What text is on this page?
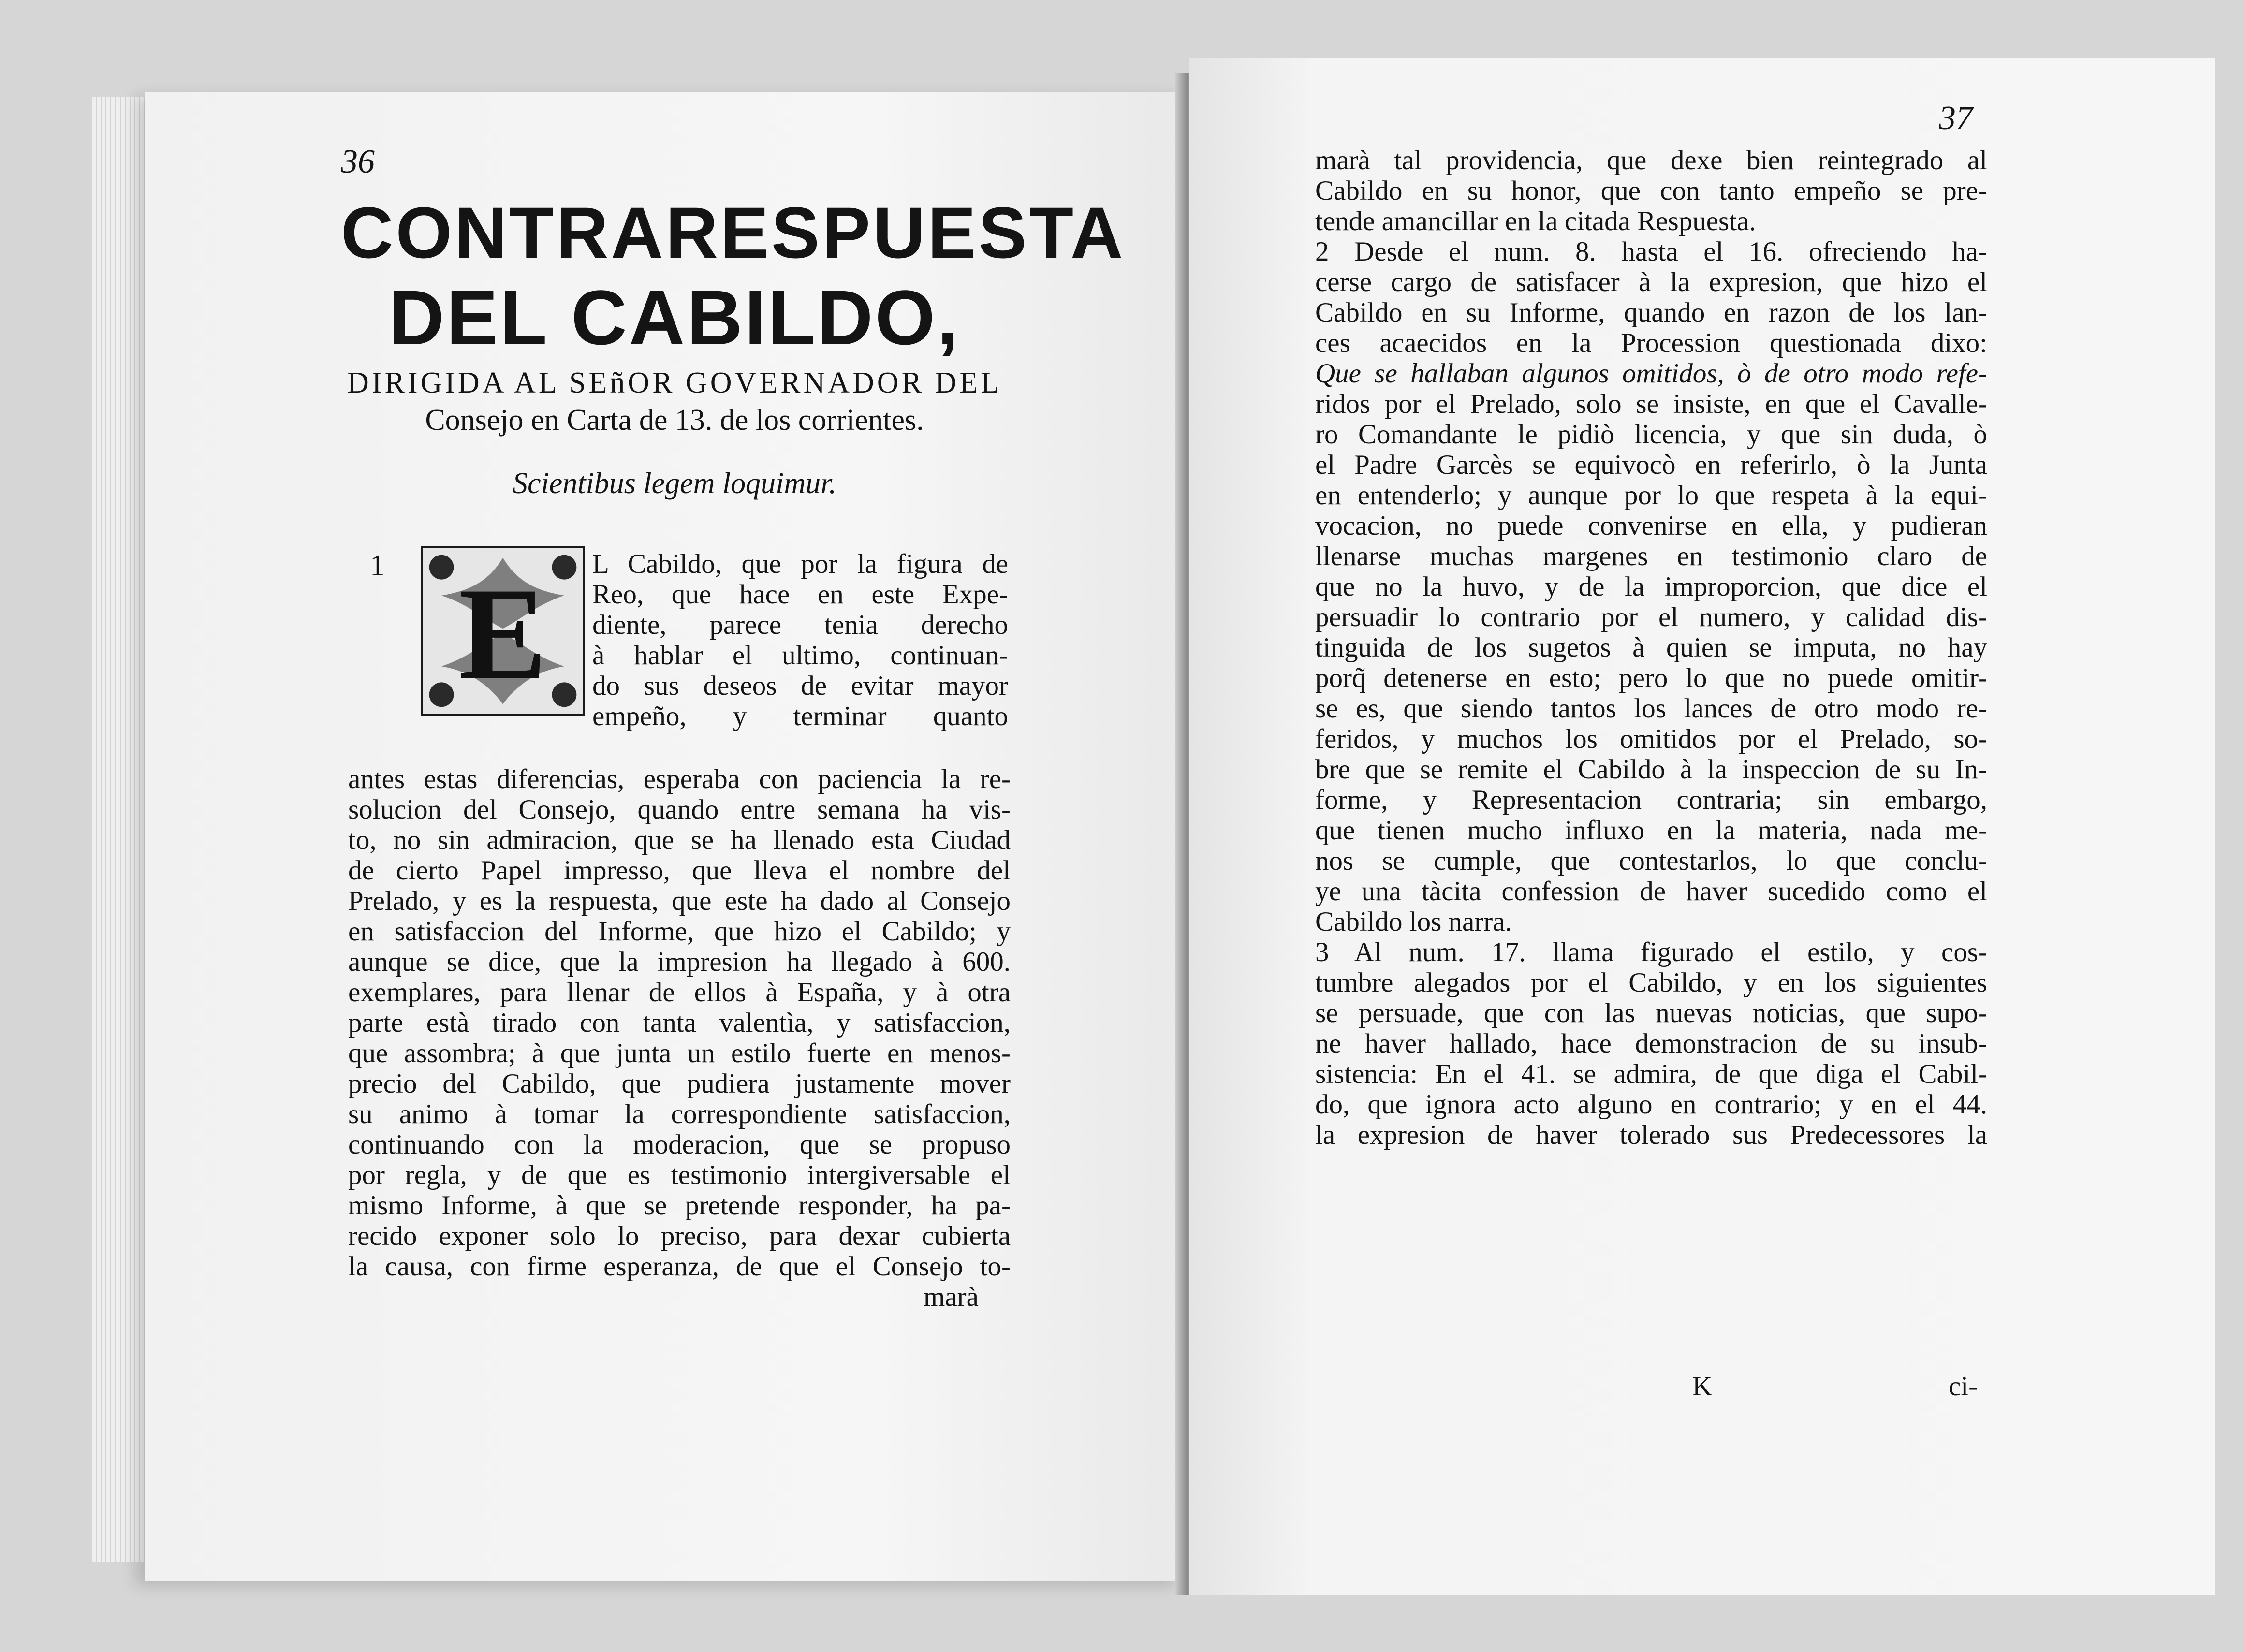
36
CONTRARESPUESTA
DEL CABILDO,
DIRIGIDA AL SEñOR GOVERNADOR DEL
Consejo en Carta de 13. de los corrientes.
Scientibus legem loquimur.
1 E L Cabildo, que por la figura de
Reo, que hace en este Expe-
diente, parece tenia derecho
à hablar el ultimo, continuan-
do sus deseos de evitar mayor
empeño, y terminar quanto
antes estas diferencias, esperaba con paciencia la re-
solucion del Consejo, quando entre semana ha vis-
to, no sin admiracion, que se ha llenado esta Ciudad
de cierto Papel impresso, que lleva el nombre del
Prelado, y es la respuesta, que este ha dado al Consejo
en satisfaccion del Informe, que hizo el Cabildo; y
aunque se dice, que la impresion ha llegado à 600.
exemplares, para llenar de ellos à España, y à otra
parte està tirado con tanta valentìa, y satisfaccion,
que assombra; à que junta un estilo fuerte en menos-
precio del Cabildo, que pudiera justamente mover
su animo à tomar la correspondiente satisfaccion,
continuando con la moderacion, que se propuso
por regla, y de que es testimonio intergiversable el
mismo Informe, à que se pretende responder, ha pa-
recido exponer solo lo preciso, para dexar cubierta
la causa, con firme esperanza, de que el Consejo to-
marà
37
marà tal providencia, que dexe bien reintegrado al
Cabildo en su honor, que con tanto empeño se pre-
tende amancillar en la citada Respuesta.
2 Desde el num. 8. hasta el 16. ofreciendo ha-
cerse cargo de satisfacer à la expresion, que hizo el
Cabildo en su Informe, quando en razon de los lan-
ces acaecidos en la Procession questionada dixo:
Que se hallaban algunos omitidos, ò de otro modo refe-
ridos por el Prelado, solo se insiste, en que el Cavalle-
ro Comandante le pidiò licencia, y que sin duda, ò
el Padre Garcès se equivocò en referirlo, ò la Junta
en entenderlo; y aunque por lo que respeta à la equi-
vocacion, no puede convenirse en ella, y pudieran
llenarse muchas margenes en testimonio claro de
que no la huvo, y de la improporcion, que dice el
persuadir lo contrario por el numero, y calidad dis-
tinguida de los sugetos à quien se imputa, no hay
porq̃ detenerse en esto; pero lo que no puede omitir-
se es, que siendo tantos los lances de otro modo re-
feridos, y muchos los omitidos por el Prelado, so-
bre que se remite el Cabildo à la inspeccion de su In-
forme, y Representacion contraria; sin embargo,
que tienen mucho influxo en la materia, nada me-
nos se cumple, que contestarlos, lo que conclu-
ye una tàcita confession de haver sucedido como el
Cabildo los narra.
3 Al num. 17. llama figurado el estilo, y cos-
tumbre alegados por el Cabildo, y en los siguientes
se persuade, que con las nuevas noticias, que supo-
ne haver hallado, hace demonstracion de su insub-
sistencia: En el 41. se admira, de que diga el Cabil-
do, que ignora acto alguno en contrario; y en el 44.
la expresion de haver tolerado sus Predecessores la
K	ci-
